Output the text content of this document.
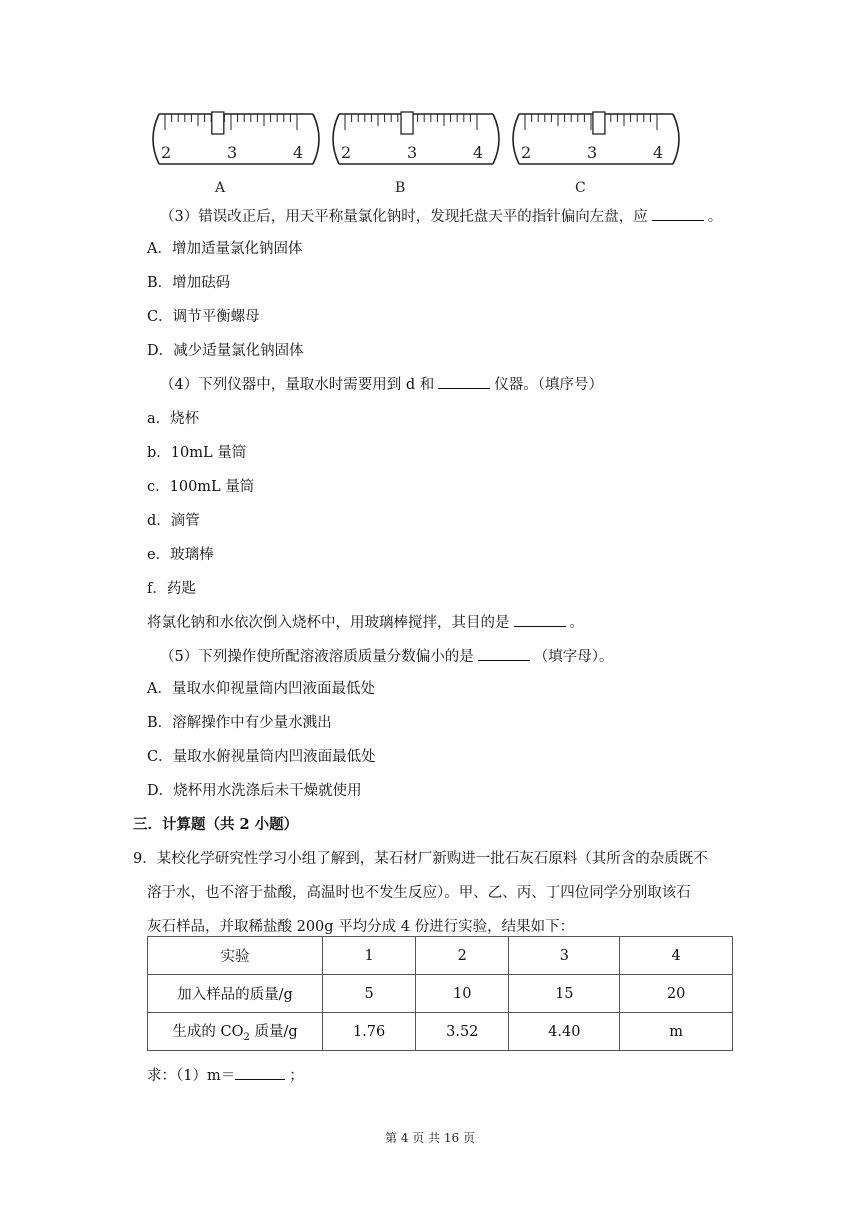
2	3	4
A
2	3	4
B
2	3	4
C
（3）错误改正后，用天平称量氯化钠时，发现托盘天平的指针偏向左盘，应	。
A．增加适量氯化钠固体
B．增加砝码
C．调节平衡螺母
D．减少适量氯化钠固体
（4）下列仪器中，量取水时需要用到 d 和	仪器。（填序号）
a．烧杯
b．10mL 量筒
c．100mL 量筒
d．滴管
e．玻璃棒
f．药匙
将氯化钠和水依次倒入烧杯中，用玻璃棒搅拌，其目的是	。
（5）下列操作使所配溶液溶质质量分数偏小的是	（填字母）。
A．量取水仰视量筒内凹液面最低处
B．溶解操作中有少量水溅出
C．量取水俯视量筒内凹液面最低处
D．烧杯用水洗涤后未干燥就使用
三．计算题（共 2 小题）
9．某校化学研究性学习小组了解到，某石材厂新购进一批石灰石原料（其所含的杂质既不
溶于水，也不溶于盐酸，高温时也不发生反应）。甲、乙、丙、丁四位同学分别取该石
灰石样品，并取稀盐酸 200g 平均分成 4 份进行实验，结果如下：
实验	1	2	3	4
加入样品的质量/g	5	10	15	20
生成的 $CO_2$ 质量/g	1.76	3.52	4.40	m
求：（1）m＝	；
第 4 页 共 16 页
